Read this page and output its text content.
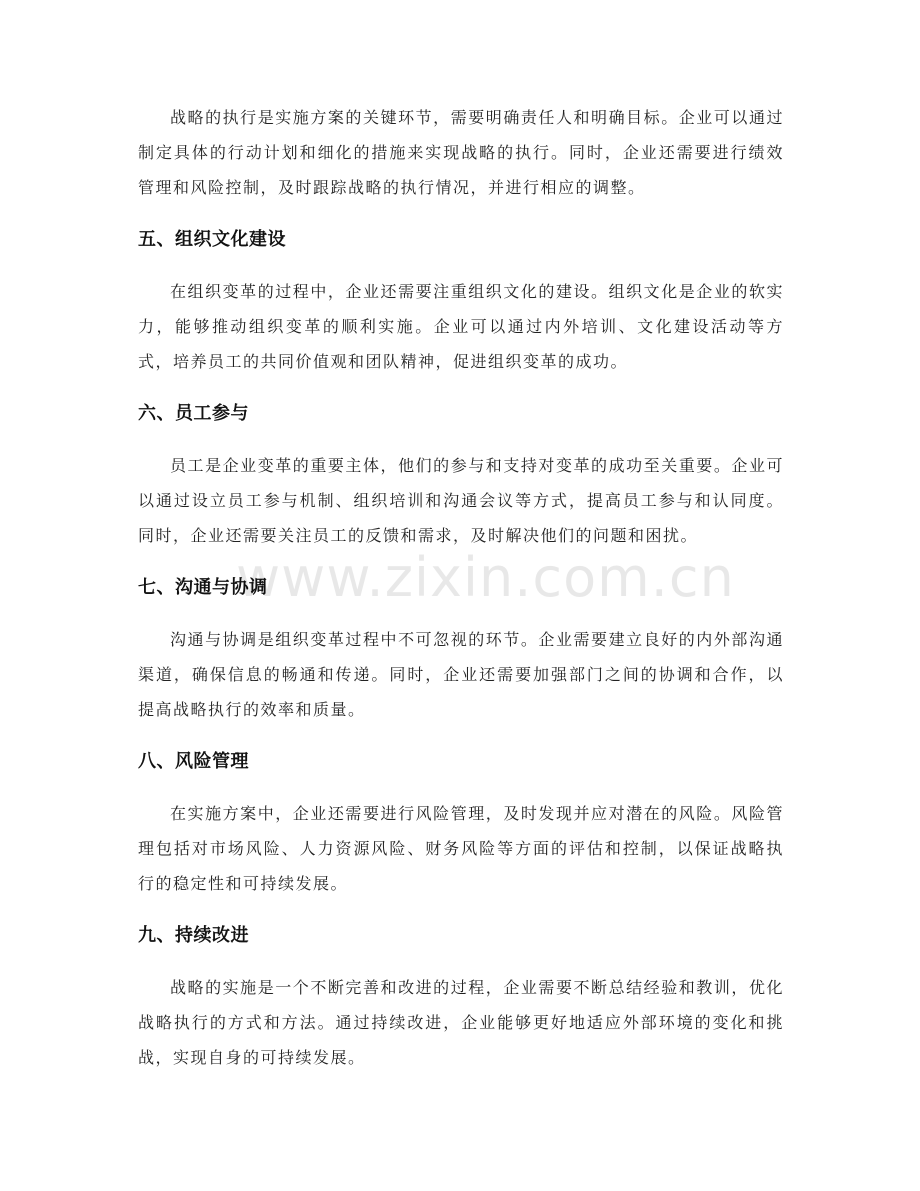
战略的执行是实施方案的关键环节，需要明确责任人和明确目标。企业可以通过制定具体的行动计划和细化的措施来实现战略的执行。同时，企业还需要进行绩效管理和风险控制，及时跟踪战略的执行情况，并进行相应的调整。

五、组织文化建设

在组织变革的过程中，企业还需要注重组织文化的建设。组织文化是企业的软实力，能够推动组织变革的顺利实施。企业可以通过内外培训、文化建设活动等方式，培养员工的共同价值观和团队精神，促进组织变革的成功。

六、员工参与

员工是企业变革的重要主体，他们的参与和支持对变革的成功至关重要。企业可以通过设立员工参与机制、组织培训和沟通会议等方式，提高员工参与和认同度。同时，企业还需要关注员工的反馈和需求，及时解决他们的问题和困扰。

七、沟通与协调

沟通与协调是组织变革过程中不可忽视的环节。企业需要建立良好的内外部沟通渠道，确保信息的畅通和传递。同时，企业还需要加强部门之间的协调和合作，以提高战略执行的效率和质量。

八、风险管理

在实施方案中，企业还需要进行风险管理，及时发现并应对潜在的风险。风险管理包括对市场风险、人力资源风险、财务风险等方面的评估和控制，以保证战略执行的稳定性和可持续发展。

九、持续改进

战略的实施是一个不断完善和改进的过程，企业需要不断总结经验和教训，优化战略执行的方式和方法。通过持续改进，企业能够更好地适应外部环境的变化和挑战，实现自身的可持续发展。

www.zixin.com.cn
